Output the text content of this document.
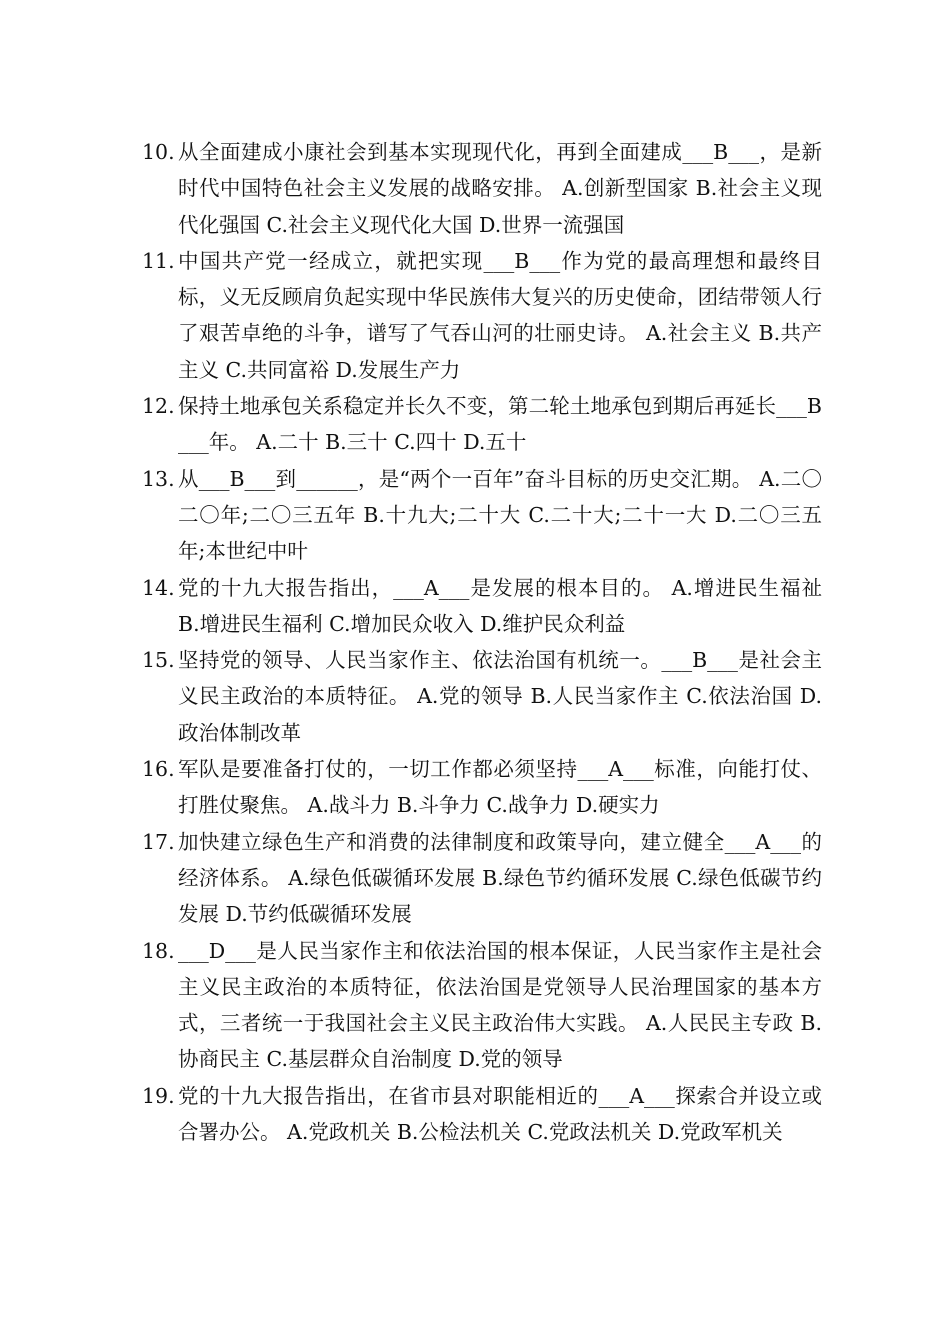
10. 从全面建成小康社会到基本实现现代化，再到全面建成___B___，是新时代中国特色社会主义发展的战略安排。 A.创新型国家 B.社会主义现代化强国 C.社会主义现代化大国 D.世界一流强国
11. 中国共产党一经成立，就把实现___B___作为党的最高理想和最终目标，义无反顾肩负起实现中华民族伟大复兴的历史使命，团结带领人行了艰苦卓绝的斗争，谱写了气吞山河的壮丽史诗。 A.社会主义 B.共产主义 C.共同富裕 D.发展生产力
12. 保持土地承包关系稳定并长久不变，第二轮土地承包到期后再延长___B___年。 A.二十 B.三十 C.四十 D.五十
13. 从___B___到______，是“两个一百年”奋斗目标的历史交汇期。 A.二〇二〇年;二〇三五年 B.十九大;二十大 C.二十大;二十一大 D.二〇三五年;本世纪中叶
14. 党的十九大报告指出，___A___是发展的根本目的。 A.增进民生福祉 B.增进民生福利 C.增加民众收入 D.维护民众利益
15. 坚持党的领导、人民当家作主、依法治国有机统一。___B___是社会主义民主政治的本质特征。 A.党的领导 B.人民当家作主 C.依法治国 D.政治体制改革
16. 军队是要准备打仗的，一切工作都必须坚持___A___标准，向能打仗、打胜仗聚焦。 A.战斗力 B.斗争力 C.战争力 D.硬实力
17. 加快建立绿色生产和消费的法律制度和政策导向，建立健全___A___的经济体系。 A.绿色低碳循环发展 B.绿色节约循环发展 C.绿色低碳节约发展 D.节约低碳循环发展
18. ___D___是人民当家作主和依法治国的根本保证，人民当家作主是社会主义民主政治的本质特征，依法治国是党领导人民治理国家的基本方式，三者统一于我国社会主义民主政治伟大实践。 A.人民民主专政 B.协商民主 C.基层群众自治制度 D.党的领导
19. 党的十九大报告指出，在省市县对职能相近的___A___探索合并设立或合署办公。 A.党政机关 B.公检法机关 C.党政法机关 D.党政军机关
